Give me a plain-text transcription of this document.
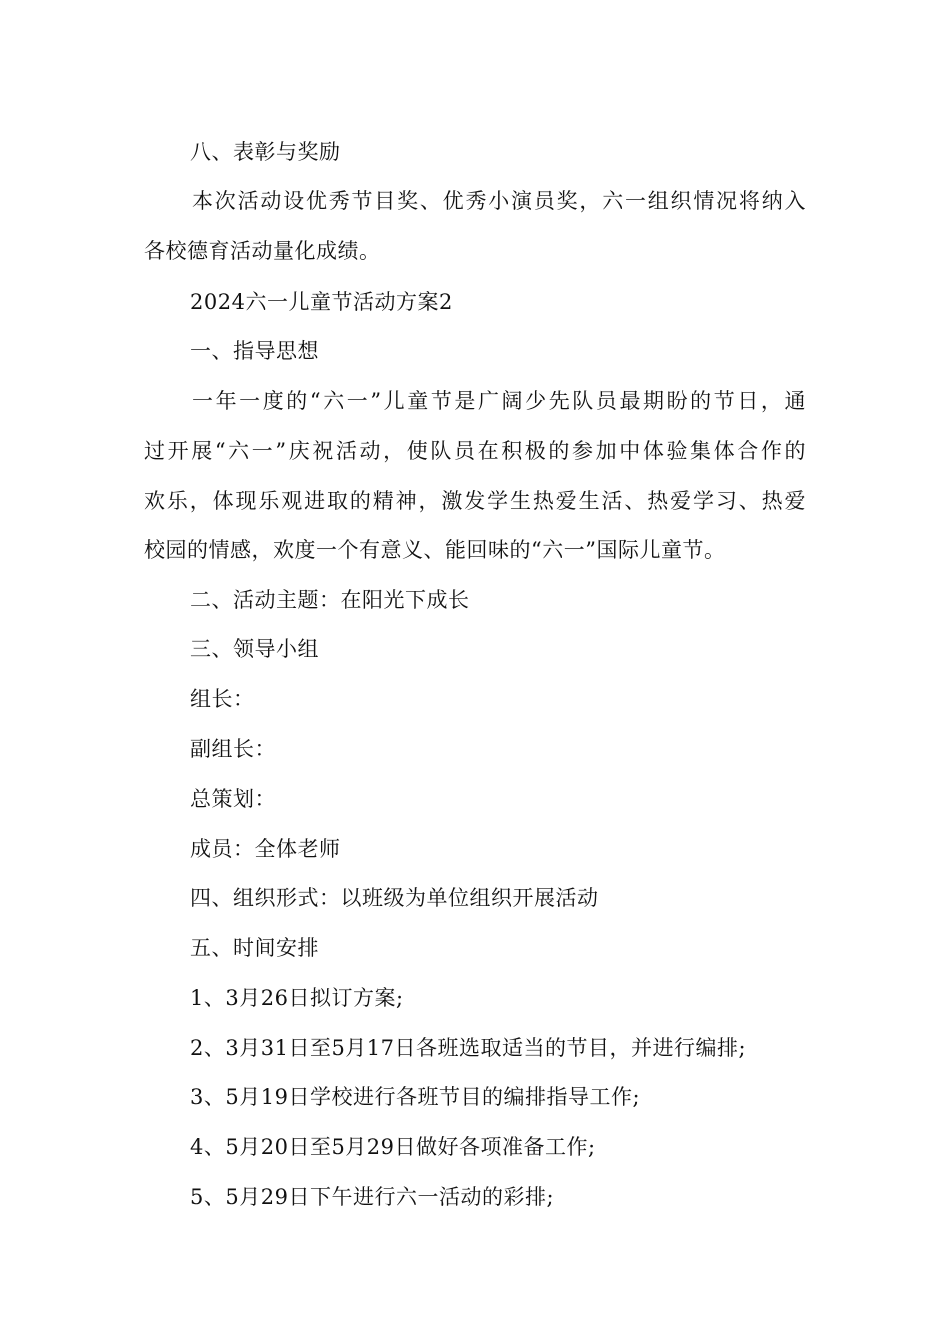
八、表彰与奖励
本次活动设优秀节目奖、优秀小演员奖，六一组织情况将纳入
各校德育活动量化成绩。
2024六一儿童节活动方案2
一、指导思想
一年一度的“六一”儿童节是广阔少先队员最期盼的节日，通
过开展“六一”庆祝活动，使队员在积极的参加中体验集体合作的
欢乐，体现乐观进取的精神，激发学生热爱生活、热爱学习、热爱
校园的情感，欢度一个有意义、能回味的“六一”国际儿童节。
二、活动主题：在阳光下成长
三、领导小组
组长：
副组长：
总策划：
成员：全体老师
四、组织形式：以班级为单位组织开展活动
五、时间安排
1、3月26日拟订方案;
2、3月31日至5月17日各班选取适当的节目，并进行编排;
3、5月19日学校进行各班节目的编排指导工作;
4、5月20日至5月29日做好各项准备工作;
5、5月29日下午进行六一活动的彩排;
